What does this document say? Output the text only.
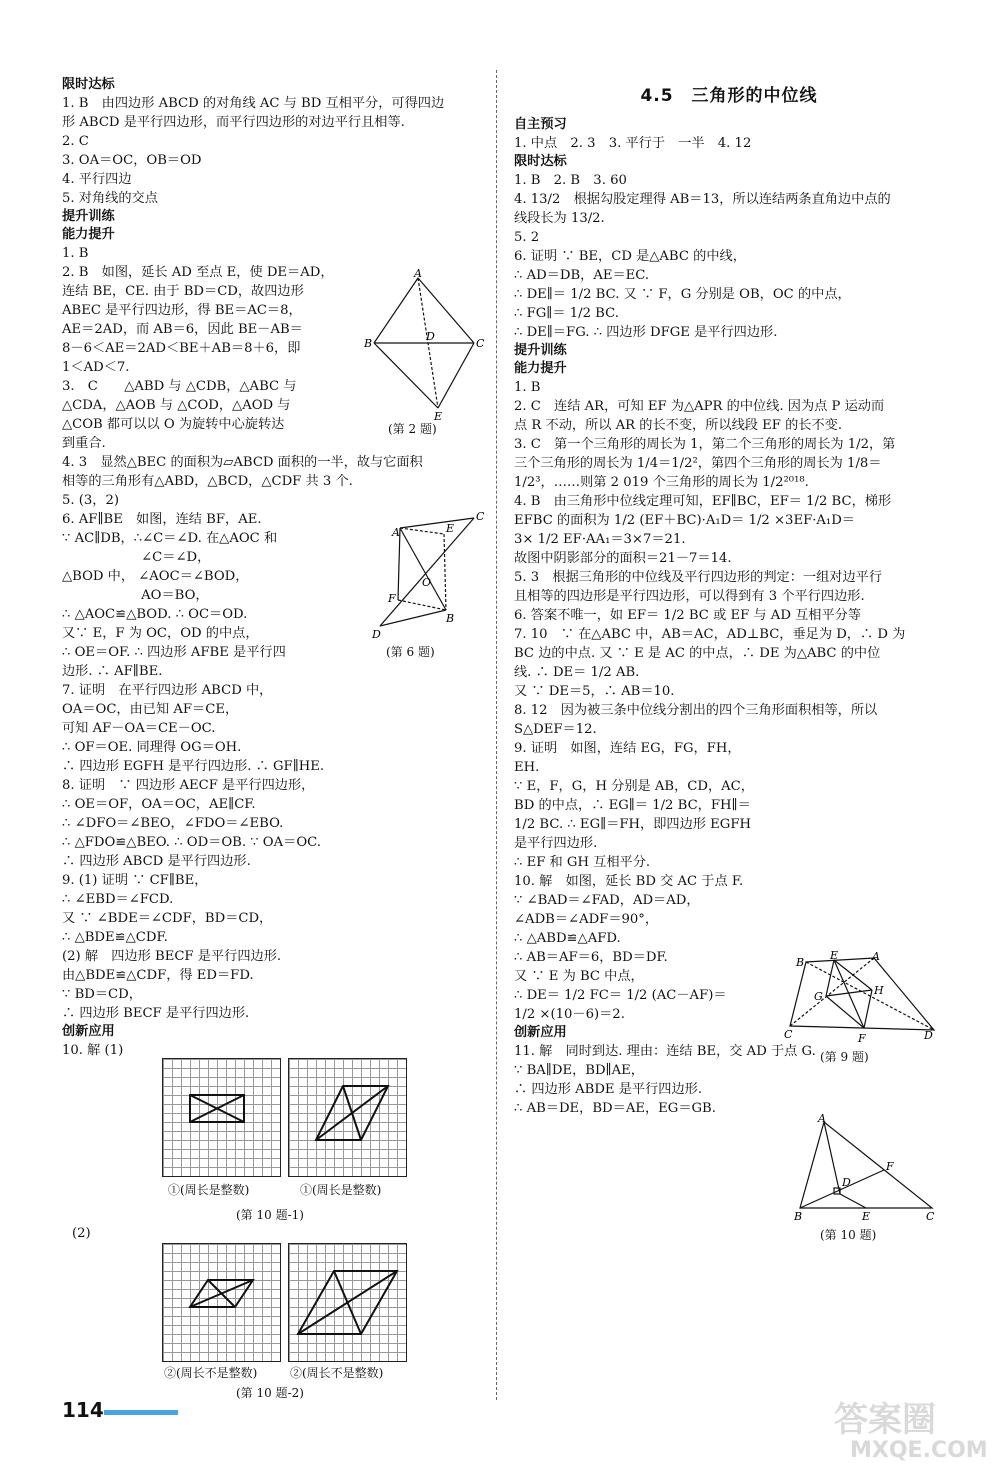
限时达标
1. B　由四边形 ABCD 的对角线 AC 与 BD 互相平分，可得四边
形 ABCD 是平行四边形，而平行四边形的对边平行且相等.
2. C
3. OA＝OC，OB＝OD
4. 平行四边
5. 对角线的交点
提升训练
能力提升
1. B
2. B　如图，延长 AD 至点 E，使 DE＝AD，
连结 BE，CE. 由于 BD＝CD，故四边形
ABEC 是平行四边形，得 BE＝AC＝8，
AE＝2AD，而 AB＝6，因此 BE－AB＝
8－6＜AE＝2AD＜BE＋AB＝8＋6，即
1＜AD＜7.
3.　C　　△ABD 与 △CDB，△ABC 与
△CDA，△AOB 与 △COD，△AOD 与
△COB 都可以以 O 为旋转中心旋转达
到重合.
4. 3　显然△BEC 的面积为▱ABCD 面积的一半，故与它面积
相等的三角形有△ABD，△BCD，△CDF 共 3 个.
5. (3，2)
6. AF∥BE　如图，连结 BF，AE.
∵ AC∥DB，∴∠C＝∠D. 在△AOC 和
　　　　　　∠C＝∠D，
△BOD 中， ∠AOC＝∠BOD，
　　　　　　AO＝BO，
∴ △AOC≌△BOD. ∴ OC＝OD.
又∵ E，F 为 OC，OD 的中点，
∴ OE＝OF. ∴ 四边形 AFBE 是平行四
边形. ∴ AF∥BE.
7. 证明　在平行四边形 ABCD 中，
OA＝OC，由已知 AF＝CE，
可知 AF－OA＝CE－OC.
∴ OF＝OE. 同理得 OG＝OH.
∴ 四边形 EGFH 是平行四边形. ∴ GF∥HE.
8. 证明　∵ 四边形 AECF 是平行四边形，
∴ OE＝OF，OA＝OC，AE∥CF.
∴ ∠DFO＝∠BEO，∠FDO＝∠EBO.
∴ △FDO≌△BEO. ∴ OD＝OB. ∵ OA＝OC.
∴ 四边形 ABCD 是平行四边形.
9. (1) 证明 ∵ CF∥BE，
∴ ∠EBD＝∠FCD.
又 ∵ ∠BDE＝∠CDF，BD＝CD，
∴ △BDE≌△CDF.
(2) 解　四边形 BECF 是平行四边形.
由△BDE≌△CDF，得 ED＝FD.
∵ BD＝CD，
∴ 四边形 BECF 是平行四边形.
创新应用
10. 解 (1)
4.5　三角形的中位线
自主预习
1. 中点　2. 3　3. 平行于　一半　4. 12
限时达标
1. B　2. B　3. 60
4. 13/2　根据勾股定理得 AB＝13，所以连结两条直角边中点的
线段长为 13/2.
5. 2
6. 证明 ∵ BE，CD 是△ABC 的中线，
∴ AD＝DB，AE＝EC.
∴ DE∥＝ 1/2 BC. 又 ∵ F，G 分别是 OB，OC 的中点，
∴ FG∥＝ 1/2 BC.
∴ DE∥＝FG. ∴ 四边形 DFGE 是平行四边形.
提升训练
能力提升
1. B
2. C　连结 AR，可知 EF 为△APR 的中位线. 因为点 P 运动而
点 R 不动，所以 AR 的长不变，所以线段 EF 的长不变.
3. C　第一个三角形的周长为 1，第二个三角形的周长为 1/2，第
三个三角形的周长为 1/4＝1/2²，第四个三角形的周长为 1/8＝
1/2³，……则第 2 019 个三角形的周长为 1/2²⁰¹⁸.
4. B　由三角形中位线定理可知，EF∥BC，EF＝ 1/2 BC，梯形
EFBC 的面积为 1/2 (EF＋BC)·A₁D＝ 1/2 ×3EF·A₁D＝
3× 1/2 EF·AA₁＝3×7＝21.
故图中阴影部分的面积＝21－7＝14.
5. 3　根据三角形的中位线及平行四边形的判定：一组对边平行
且相等的四边形是平行四边形，可以得到有 3 个平行四边形.
6. 答案不唯一，如 EF＝ 1/2 BC 或 EF 与 AD 互相平分等
7. 10　∵ 在△ABC 中，AB＝AC，AD⊥BC，垂足为 D，∴ D 为
BC 边的中点. 又 ∵ E 是 AC 的中点，∴ DE 为△ABC 的中位
线. ∴ DE＝ 1/2 AB.
又 ∵ DE＝5，∴ AB＝10.
8. 12　因为被三条中位线分割出的四个三角形面积相等，所以
S△DEF＝12.
9. 证明　如图，连结 EG，FG，FH，
EH.
∵ E，F，G，H 分别是 AB，CD，AC，
BD 的中点，∴ EG∥＝ 1/2 BC，FH∥＝
1/2 BC. ∴ EG∥＝FH，即四边形 EGFH
是平行四边形.
∴ EF 和 GH 互相平分.
10. 解　如图，延长 BD 交 AC 于点 F.
∵ ∠BAD＝∠FAD，AD＝AD，
∠ADB＝∠ADF＝90°，
∴ △ABD≌△AFD.
∴ AB＝AF＝6，BD＝DF.
又 ∵ E 为 BC 中点，
∴ DE＝ 1/2 FC＝ 1/2 (AC－AF)＝
1/2 ×(10－6)＝2.
创新应用
11. 解　同时到达. 理由：连结 BE，交 AD 于点 G.
∵ BA∥DE，BD∥AE，
∴ 四边形 ABDE 是平行四边形.
∴ AB＝DE，BD＝AE，EG＝GB.
A
B	C
D
E
(第 2 题)
A
C
E
O
F
B
D
(第 6 题)
①(周长是整数)	①(周长是整数)
(第 10 题-1)
(2)
②(周长不是整数)	②(周长不是整数)
(第 10 题-2)
B
E	A
G	H
D
C	F
(第 9 题)
A
B	C
D
F
E
(第 10 题)
114	答案圈
MXQE.COM
